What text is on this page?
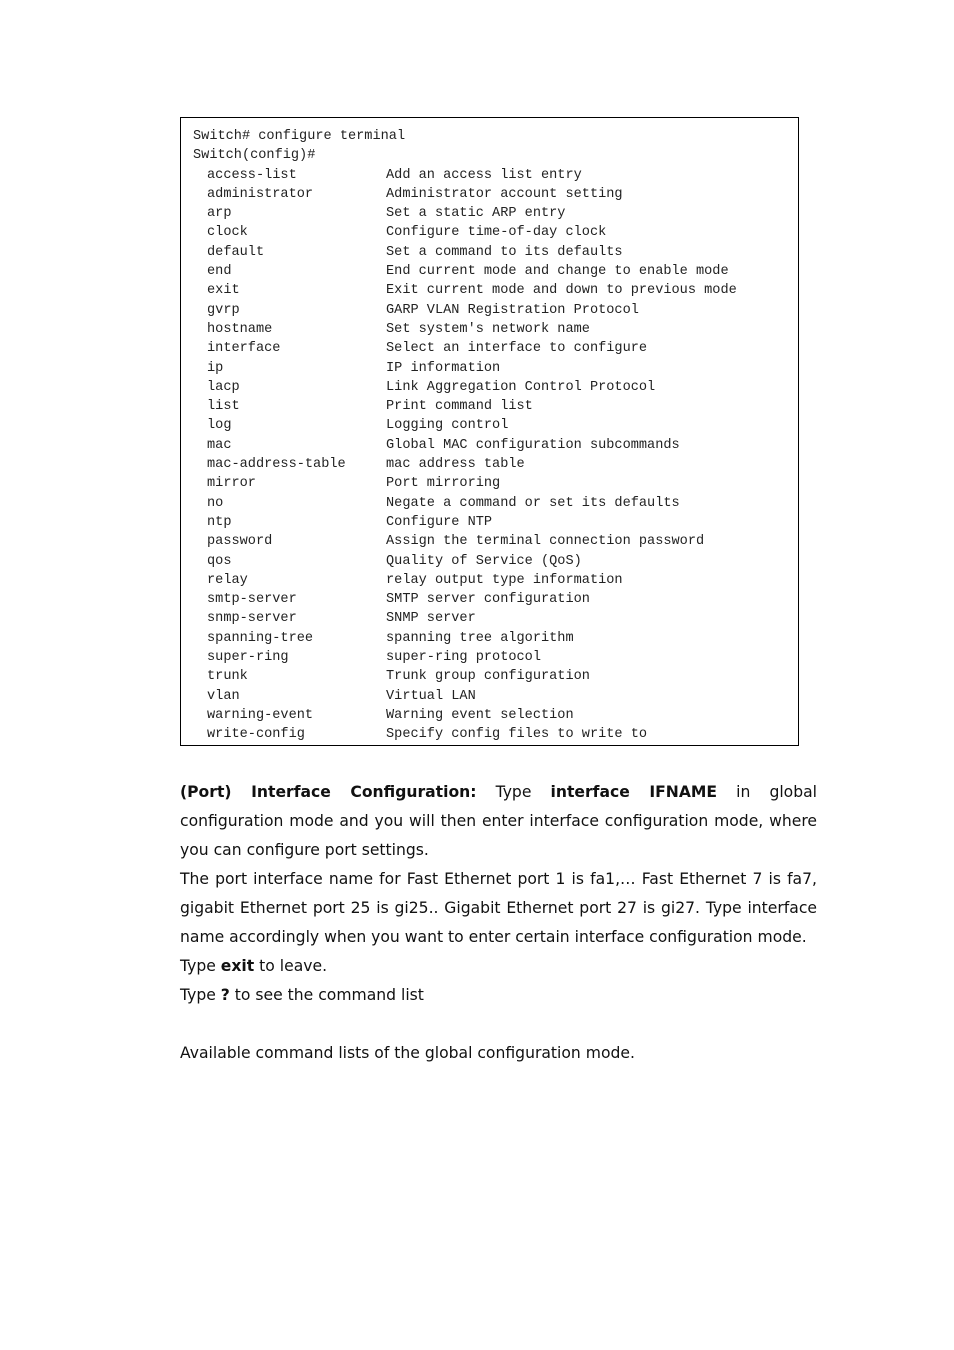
Switch# configure terminal
Switch(config)#
access-list	Add an access list entry
administrator	Administrator account setting
arp	Set a static ARP entry
clock	Configure time-of-day clock
default	Set a command to its defaults
end	End current mode and change to enable mode
exit	Exit current mode and down to previous mode
gvrp	GARP VLAN Registration Protocol
hostname	Set system's network name
interface	Select an interface to configure
ip	IP information
lacp	Link Aggregation Control Protocol
list	Print command list
log	Logging control
mac	Global MAC configuration subcommands
mac-address-table	mac address table
mirror	Port mirroring
no	Negate a command or set its defaults
ntp	Configure NTP
password	Assign the terminal connection password
qos	Quality of Service (QoS)
relay	relay output type information
smtp-server	SMTP server configuration
snmp-server	SNMP server
spanning-tree	spanning tree algorithm
super-ring	super-ring protocol
trunk	Trunk group configuration
vlan	Virtual LAN
warning-event	Warning event selection
write-config	Specify config files to write to

(Port) Interface Configuration: Type interface IFNAME in global configuration mode and you will then enter interface configuration mode, where you can configure port settings.

The port interface name for Fast Ethernet port 1 is fa1,… Fast Ethernet 7 is fa7, gigabit Ethernet port 25 is gi25.. Gigabit Ethernet port 27 is gi27. Type interface name accordingly when you want to enter certain interface configuration mode.

Type exit to leave.

Type ? to see the command list

Available command lists of the global configuration mode.
